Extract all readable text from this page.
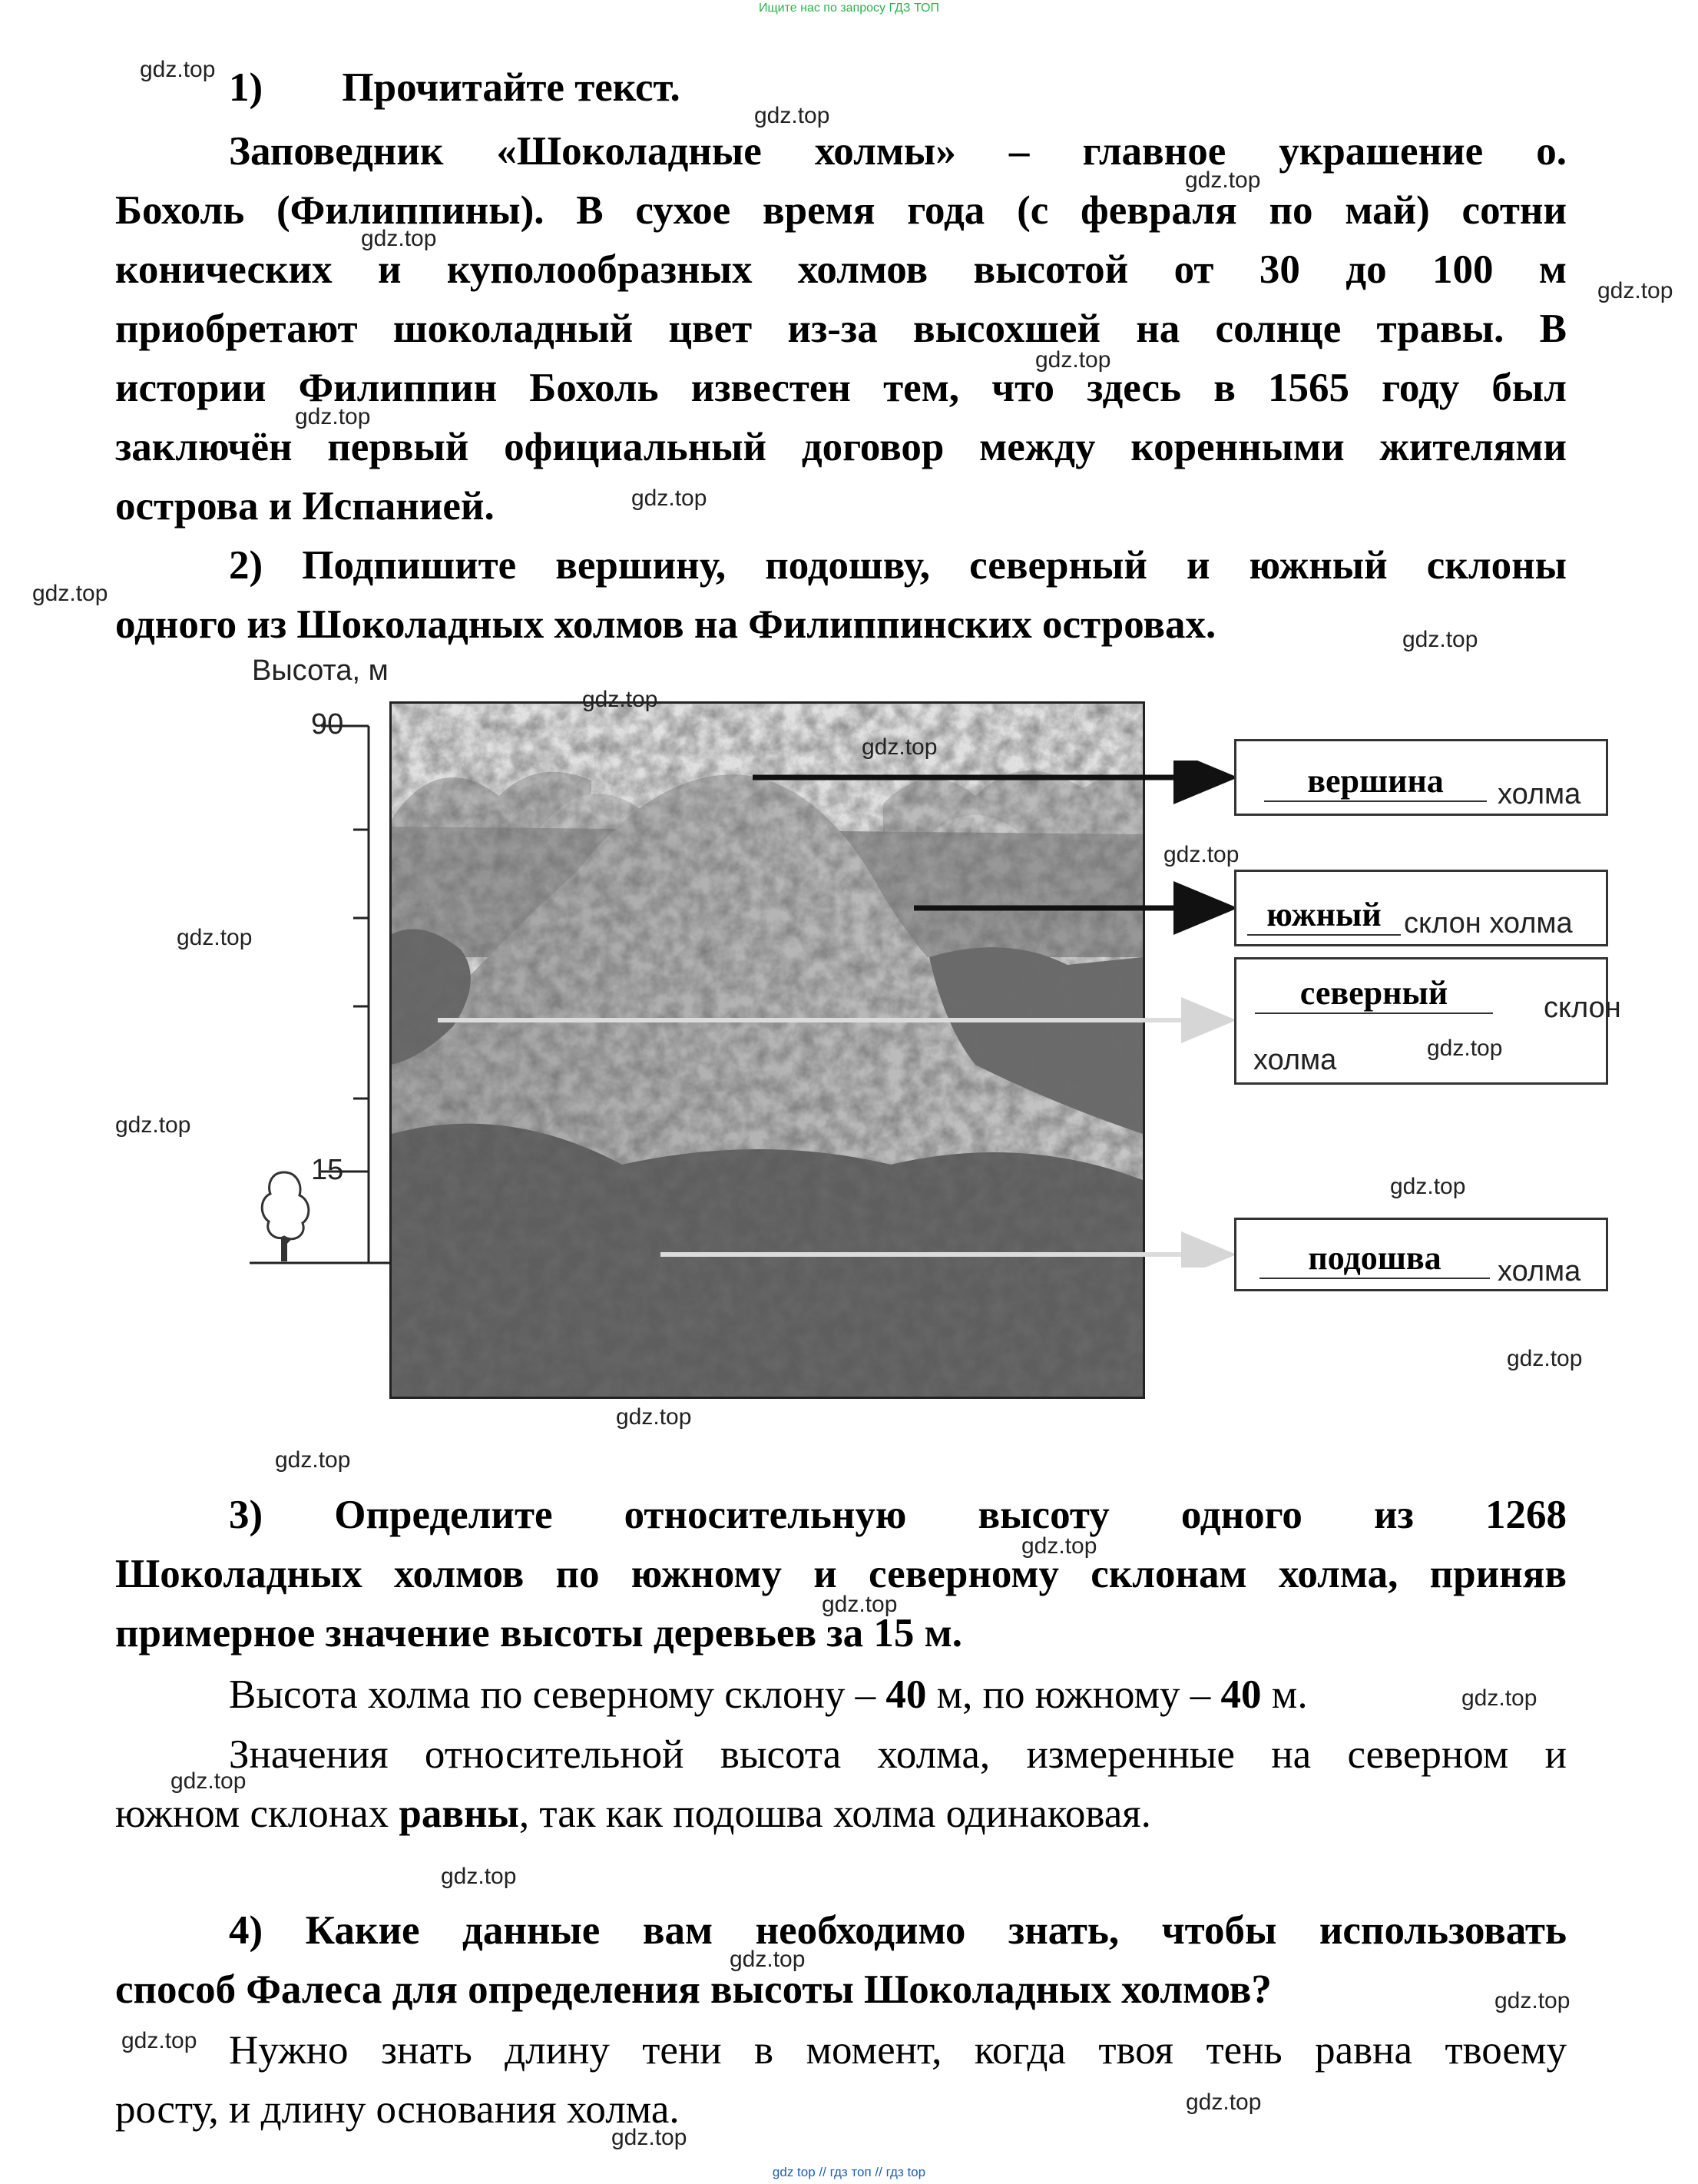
Ищите нас по запросу ГДЗ ТОП
gdz top // гдз топ // гдз top
1) Прочитайте текст.
Заповедник «Шоколадные холмы» – главное украшение о.
Бохоль (Филиппины). В сухое время года (с февраля по май) сотни
конических и куполообразных холмов высотой от 30 до 100 м
приобретают шоколадный цвет из-за высохшей на солнце травы. В
истории Филиппин Бохоль известен тем, что здесь в 1565 году был
заключён первый официальный договор между коренными жителями
острова и Испанией.
2) Подпишите вершину, подошву, северный и южный склоны
одного из Шоколадных холмов на Филиппинских островах.
Высота, м
90
15
вершина	холма
южный склон холма
северный	склон
холма
подошва	холма
3) Определите относительную высоту одного из 1268
Шоколадных холмов по южному и северному склонам холма, приняв
примерное значение высоты деревьев за 15 м.
Высота холма по северному склону – 40 м, по южному – 40 м.
Значения относительной высота холма, измеренные на северном и
южном склонах равны, так как подошва холма одинаковая.
4) Какие данные вам необходимо знать, чтобы использовать
способ Фалеса для определения высоты Шоколадных холмов?
Нужно знать длину тени в момент, когда твоя тень равна твоему
росту, и длину основания холма.
gdz.top
gdz.top
gdz.top
gdz.top
gdz.top
gdz.top
gdz.top
gdz.top
gdz.top
gdz.top
gdz.top
gdz.top
gdz.top
gdz.top
gdz.top
gdz.top
gdz.top
gdz.top
gdz.top
gdz.top
gdz.top
gdz.top
gdz.top
gdz.top
gdz.top
gdz.top
gdz.top
gdz.top
gdz.top
gdz.top
